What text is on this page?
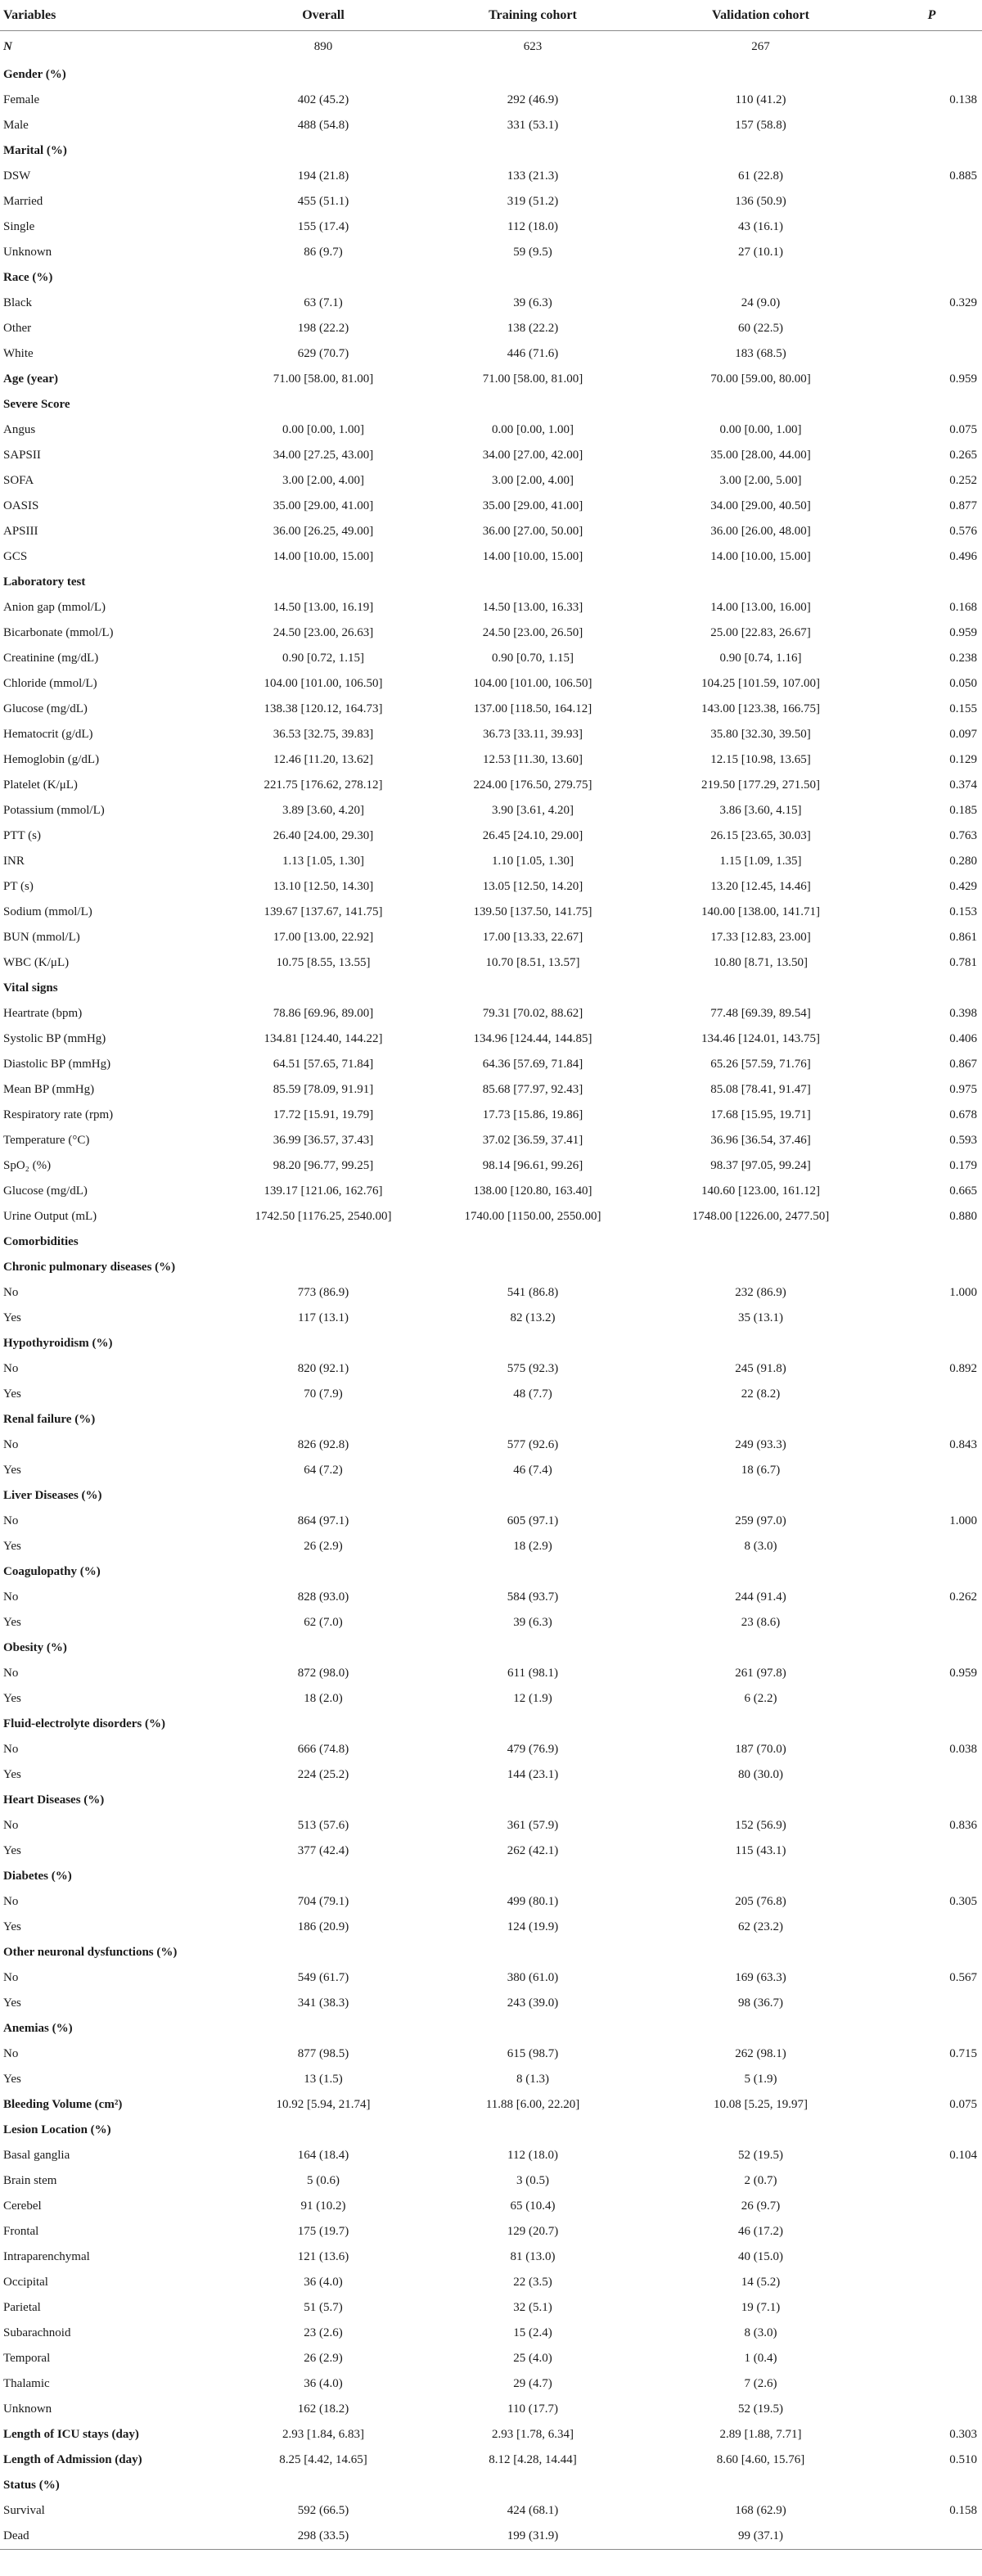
Variables	Overall	Training cohort	Validation cohort	P
N	890	623	267	
Gender (%)				
Female	402 (45.2)	292 (46.9)	110 (41.2)	0.138
Male	488 (54.8)	331 (53.1)	157 (58.8)	
Marital (%)				
DSW	194 (21.8)	133 (21.3)	61 (22.8)	0.885
Married	455 (51.1)	319 (51.2)	136 (50.9)	
Single	155 (17.4)	112 (18.0)	43 (16.1)	
Unknown	86 (9.7)	59 (9.5)	27 (10.1)	
Race (%)				
Black	63 (7.1)	39 (6.3)	24 (9.0)	0.329
Other	198 (22.2)	138 (22.2)	60 (22.5)	
White	629 (70.7)	446 (71.6)	183 (68.5)	
Age (year)	71.00 [58.00, 81.00]	71.00 [58.00, 81.00]	70.00 [59.00, 80.00]	0.959
Severe Score				
Angus	0.00 [0.00, 1.00]	0.00 [0.00, 1.00]	0.00 [0.00, 1.00]	0.075
SAPSII	34.00 [27.25, 43.00]	34.00 [27.00, 42.00]	35.00 [28.00, 44.00]	0.265
SOFA	3.00 [2.00, 4.00]	3.00 [2.00, 4.00]	3.00 [2.00, 5.00]	0.252
OASIS	35.00 [29.00, 41.00]	35.00 [29.00, 41.00]	34.00 [29.00, 40.50]	0.877
APSIII	36.00 [26.25, 49.00]	36.00 [27.00, 50.00]	36.00 [26.00, 48.00]	0.576
GCS	14.00 [10.00, 15.00]	14.00 [10.00, 15.00]	14.00 [10.00, 15.00]	0.496
Laboratory test				
Anion gap (mmol/L)	14.50 [13.00, 16.19]	14.50 [13.00, 16.33]	14.00 [13.00, 16.00]	0.168
Bicarbonate (mmol/L)	24.50 [23.00, 26.63]	24.50 [23.00, 26.50]	25.00 [22.83, 26.67]	0.959
Creatinine (mg/dL)	0.90 [0.72, 1.15]	0.90 [0.70, 1.15]	0.90 [0.74, 1.16]	0.238
Chloride (mmol/L)	104.00 [101.00, 106.50]	104.00 [101.00, 106.50]	104.25 [101.59, 107.00]	0.050
Glucose (mg/dL)	138.38 [120.12, 164.73]	137.00 [118.50, 164.12]	143.00 [123.38, 166.75]	0.155
Hematocrit (g/dL)	36.53 [32.75, 39.83]	36.73 [33.11, 39.93]	35.80 [32.30, 39.50]	0.097
Hemoglobin (g/dL)	12.46 [11.20, 13.62]	12.53 [11.30, 13.60]	12.15 [10.98, 13.65]	0.129
Platelet (K/μL)	221.75 [176.62, 278.12]	224.00 [176.50, 279.75]	219.50 [177.29, 271.50]	0.374
Potassium (mmol/L)	3.89 [3.60, 4.20]	3.90 [3.61, 4.20]	3.86 [3.60, 4.15]	0.185
PTT (s)	26.40 [24.00, 29.30]	26.45 [24.10, 29.00]	26.15 [23.65, 30.03]	0.763
INR	1.13 [1.05, 1.30]	1.10 [1.05, 1.30]	1.15 [1.09, 1.35]	0.280
PT (s)	13.10 [12.50, 14.30]	13.05 [12.50, 14.20]	13.20 [12.45, 14.46]	0.429
Sodium (mmol/L)	139.67 [137.67, 141.75]	139.50 [137.50, 141.75]	140.00 [138.00, 141.71]	0.153
BUN (mmol/L)	17.00 [13.00, 22.92]	17.00 [13.33, 22.67]	17.33 [12.83, 23.00]	0.861
WBC (K/μL)	10.75 [8.55, 13.55]	10.70 [8.51, 13.57]	10.80 [8.71, 13.50]	0.781
Vital signs				
Heartrate (bpm)	78.86 [69.96, 89.00]	79.31 [70.02, 88.62]	77.48 [69.39, 89.54]	0.398
Systolic BP (mmHg)	134.81 [124.40, 144.22]	134.96 [124.44, 144.85]	134.46 [124.01, 143.75]	0.406
Diastolic BP (mmHg)	64.51 [57.65, 71.84]	64.36 [57.69, 71.84]	65.26 [57.59, 71.76]	0.867
Mean BP (mmHg)	85.59 [78.09, 91.91]	85.68 [77.97, 92.43]	85.08 [78.41, 91.47]	0.975
Respiratory rate (rpm)	17.72 [15.91, 19.79]	17.73 [15.86, 19.86]	17.68 [15.95, 19.71]	0.678
Temperature (°C)	36.99 [36.57, 37.43]	37.02 [36.59, 37.41]	36.96 [36.54, 37.46]	0.593
SpO₂ (%)	98.20 [96.77, 99.25]	98.14 [96.61, 99.26]	98.37 [97.05, 99.24]	0.179
Glucose (mg/dL)	139.17 [121.06, 162.76]	138.00 [120.80, 163.40]	140.60 [123.00, 161.12]	0.665
Urine Output (mL)	1742.50 [1176.25, 2540.00]	1740.00 [1150.00, 2550.00]	1748.00 [1226.00, 2477.50]	0.880
Comorbidities				
Chronic pulmonary diseases (%)				
No	773 (86.9)	541 (86.8)	232 (86.9)	1.000
Yes	117 (13.1)	82 (13.2)	35 (13.1)	
Hypothyroidism (%)				
No	820 (92.1)	575 (92.3)	245 (91.8)	0.892
Yes	70 (7.9)	48 (7.7)	22 (8.2)	
Renal failure (%)				
No	826 (92.8)	577 (92.6)	249 (93.3)	0.843
Yes	64 (7.2)	46 (7.4)	18 (6.7)	
Liver Diseases (%)				
No	864 (97.1)	605 (97.1)	259 (97.0)	1.000
Yes	26 (2.9)	18 (2.9)	8 (3.0)	
Coagulopathy (%)				
No	828 (93.0)	584 (93.7)	244 (91.4)	0.262
Yes	62 (7.0)	39 (6.3)	23 (8.6)	
Obesity (%)				
No	872 (98.0)	611 (98.1)	261 (97.8)	0.959
Yes	18 (2.0)	12 (1.9)	6 (2.2)	
Fluid-electrolyte disorders (%)				
No	666 (74.8)	479 (76.9)	187 (70.0)	0.038
Yes	224 (25.2)	144 (23.1)	80 (30.0)	
Heart Diseases (%)				
No	513 (57.6)	361 (57.9)	152 (56.9)	0.836
Yes	377 (42.4)	262 (42.1)	115 (43.1)	
Diabetes (%)				
No	704 (79.1)	499 (80.1)	205 (76.8)	0.305
Yes	186 (20.9)	124 (19.9)	62 (23.2)	
Other neuronal dysfunctions (%)				
No	549 (61.7)	380 (61.0)	169 (63.3)	0.567
Yes	341 (38.3)	243 (39.0)	98 (36.7)	
Anemias (%)				
No	877 (98.5)	615 (98.7)	262 (98.1)	0.715
Yes	13 (1.5)	8 (1.3)	5 (1.9)	
Bleeding Volume (cm²)	10.92 [5.94, 21.74]	11.88 [6.00, 22.20]	10.08 [5.25, 19.97]	0.075
Lesion Location (%)				
Basal ganglia	164 (18.4)	112 (18.0)	52 (19.5)	0.104
Brain stem	5 (0.6)	3 (0.5)	2 (0.7)	
Cerebel	91 (10.2)	65 (10.4)	26 (9.7)	
Frontal	175 (19.7)	129 (20.7)	46 (17.2)	
Intraparenchymal	121 (13.6)	81 (13.0)	40 (15.0)	
Occipital	36 (4.0)	22 (3.5)	14 (5.2)	
Parietal	51 (5.7)	32 (5.1)	19 (7.1)	
Subarachnoid	23 (2.6)	15 (2.4)	8 (3.0)	
Temporal	26 (2.9)	25 (4.0)	1 (0.4)	
Thalamic	36 (4.0)	29 (4.7)	7 (2.6)	
Unknown	162 (18.2)	110 (17.7)	52 (19.5)	
Length of ICU stays (day)	2.93 [1.84, 6.83]	2.93 [1.78, 6.34]	2.89 [1.88, 7.71]	0.303
Length of Admission (day)	8.25 [4.42, 14.65]	8.12 [4.28, 14.44]	8.60 [4.60, 15.76]	0.510
Status (%)				
Survival	592 (66.5)	424 (68.1)	168 (62.9)	0.158
Dead	298 (33.5)	199 (31.9)	99 (37.1)	
